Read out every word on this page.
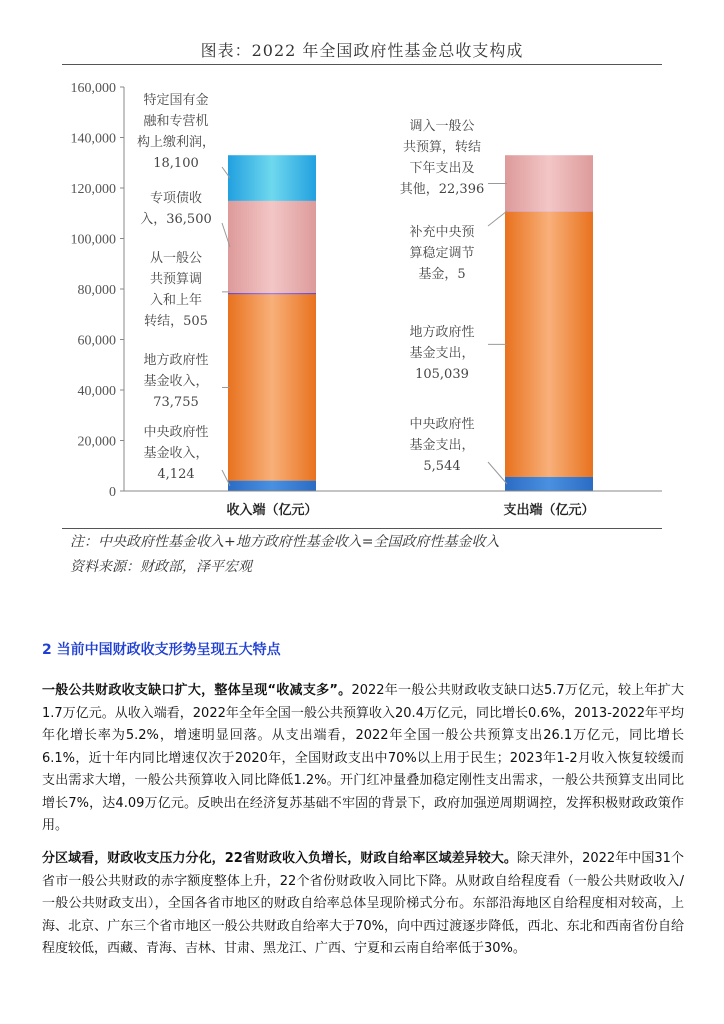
图表：2022 年全国政府性基金总收支构成
0
20,000
40,000
60,000
80,000
100,000
120,000
140,000
160,000
中央政府性基金收入， 4,124
地方政府性基金收入， 73,755
从一般公共预算调入和上年转结，505
专项债收入，36,500
特定国有金融和专营机构上缴利润， 18,100
中央政府性基金支出， 5,544
地方政府性基金支出， 105,039
补充中央预算稳定调节基金，5
调入一般公共预算，转结下年支出及其他，22,396
收入端（亿元）	支出端（亿元）
注：中央政府性基金收入+地方政府性基金收入=全国政府性基金收入
资料来源：财政部，泽平宏观
2 当前中国财政收支形势呈现五大特点
一般公共财政收支缺口扩大，整体呈现“收减支多”。2022年一般公共财政收支缺口达5.7万亿元，较上年扩大1.7万亿元。从收入端看，2022年全年全国一般公共预算收入20.4万亿元，同比增长0.6%，2013-2022年平均年化增长率为5.2%，增速明显回落。从支出端看，2022年全国一般公共预算支出26.1万亿元，同比增长6.1%，近十年内同比增速仅次于2020年，全国财政支出中70%以上用于民生；2023年1-2月收入恢复较缓而支出需求大增，一般公共预算收入同比降低1.2%。开门红冲量叠加稳定刚性支出需求，一般公共预算支出同比增长7%，达4.09万亿元。反映出在经济复苏基础不牢固的背景下，政府加强逆周期调控，发挥积极财政政策作用。
分区域看，财政收支压力分化，22省财政收入负增长，财政自给率区域差异较大。除天津外，2022年中国31个省市一般公共财政的赤字额度整体上升，22个省份财政收入同比下降。从财政自给程度看（一般公共财政收入/一般公共财政支出），全国各省市地区的财政自给率总体呈现阶梯式分布。东部沿海地区自给程度相对较高，上海、北京、广东三个省市地区一般公共财政自给率大于70%，向中西过渡逐步降低，西北、东北和西南省份自给程度较低，西藏、青海、吉林、甘肃、黑龙江、广西、宁夏和云南自给率低于30%。
